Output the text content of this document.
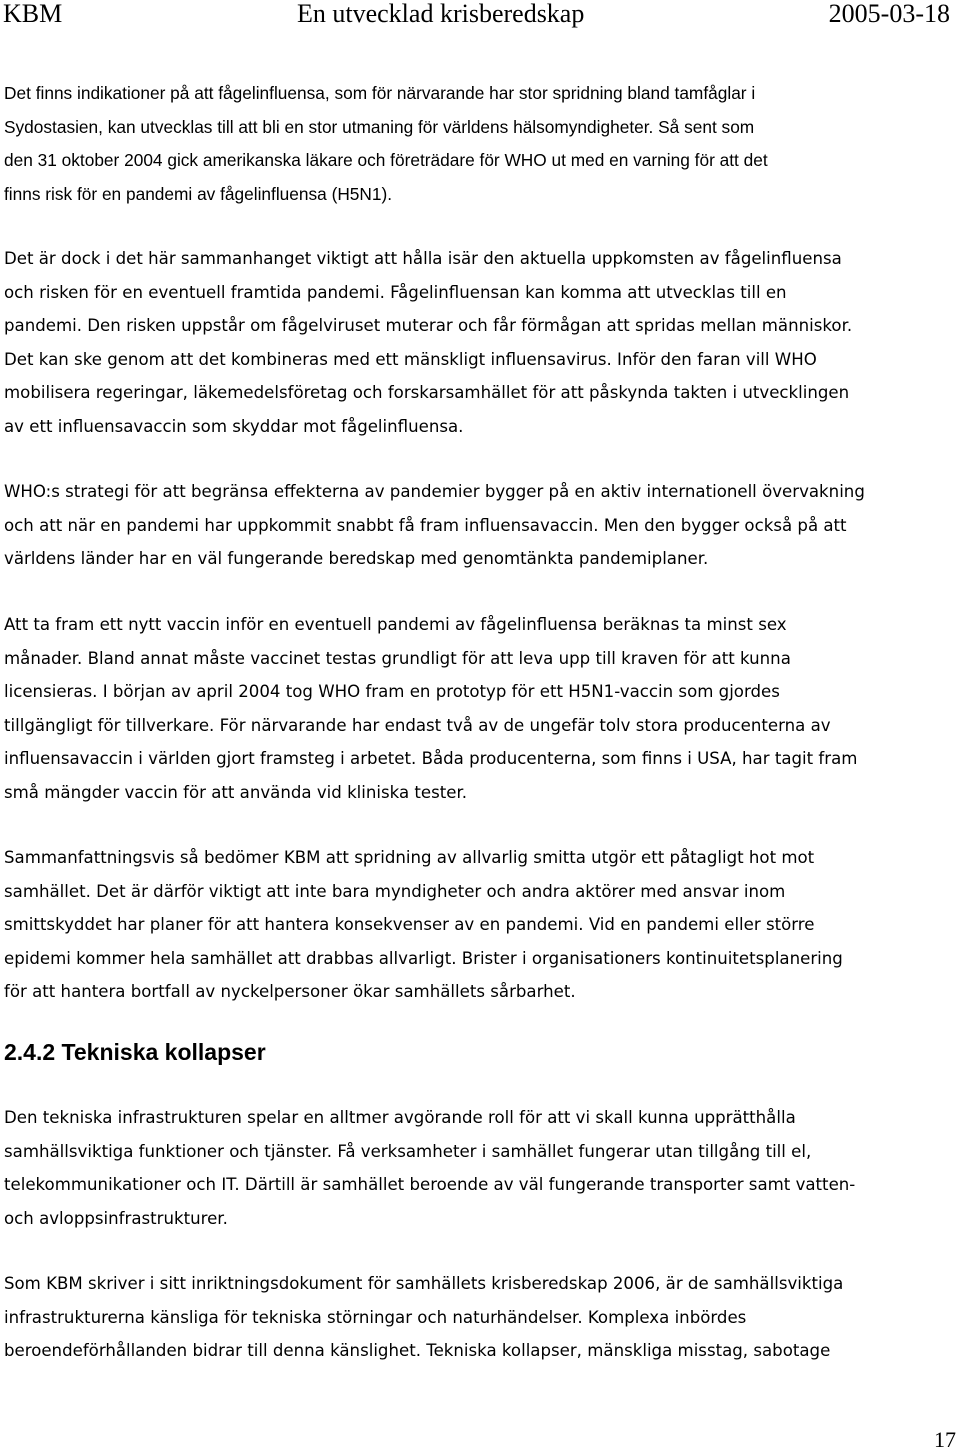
KBM	En utvecklad krisberedskap	2005-03-18
Det finns indikationer på att fågelinfluensa, som för närvarande har stor spridning bland tamfåglar i
Sydostasien, kan utvecklas till att bli en stor utmaning för världens hälsomyndigheter. Så sent som
den 31 oktober 2004 gick amerikanska läkare och företrädare för WHO ut med en varning för att det
finns risk för en pandemi av fågelinfluensa (H5N1).
Det är dock i det här sammanhanget viktigt att hålla isär den aktuella uppkomsten av fågelinfluensa
och risken för en eventuell framtida pandemi. Fågelinfluensan kan komma att utvecklas till en
pandemi. Den risken uppstår om fågelviruset muterar och får förmågan att spridas mellan människor.
Det kan ske genom att det kombineras med ett mänskligt influensavirus. Inför den faran vill WHO
mobilisera regeringar, läkemedelsföretag och forskarsamhället för att påskynda takten i utvecklingen
av ett influensavaccin som skyddar mot fågelinfluensa.
WHO:s strategi för att begränsa effekterna av pandemier bygger på en aktiv internationell övervakning
och att när en pandemi har uppkommit snabbt få fram influensavaccin. Men den bygger också på att
världens länder har en väl fungerande beredskap med genomtänkta pandemiplaner.
Att ta fram ett nytt vaccin inför en eventuell pandemi av fågelinfluensa beräknas ta minst sex
månader. Bland annat måste vaccinet testas grundligt för att leva upp till kraven för att kunna
licensieras. I början av april 2004 tog WHO fram en prototyp för ett H5N1-vaccin som gjordes
tillgängligt för tillverkare. För närvarande har endast två av de ungefär tolv stora producenterna av
influensavaccin i världen gjort framsteg i arbetet. Båda producenterna, som finns i USA, har tagit fram
små mängder vaccin för att använda vid kliniska tester.
Sammanfattningsvis så bedömer KBM att spridning av allvarlig smitta utgör ett påtagligt hot mot
samhället. Det är därför viktigt att inte bara myndigheter och andra aktörer med ansvar inom
smittskyddet har planer för att hantera konsekvenser av en pandemi. Vid en pandemi eller större
epidemi kommer hela samhället att drabbas allvarligt. Brister i organisationers kontinuitetsplanering
för att hantera bortfall av nyckelpersoner ökar samhällets sårbarhet.
2.4.2 Tekniska kollapser
Den tekniska infrastrukturen spelar en alltmer avgörande roll för att vi skall kunna upprätthålla
samhällsviktiga funktioner och tjänster. Få verksamheter i samhället fungerar utan tillgång till el,
telekommunikationer och IT. Därtill är samhället beroende av väl fungerande transporter samt vatten-
och avloppsinfrastrukturer.
Som KBM skriver i sitt inriktningsdokument för samhällets krisberedskap 2006, är de samhällsviktiga
infrastrukturerna känsliga för tekniska störningar och naturhändelser. Komplexa inbördes
beroendeförhållanden bidrar till denna känslighet. Tekniska kollapser, mänskliga misstag, sabotage
17
